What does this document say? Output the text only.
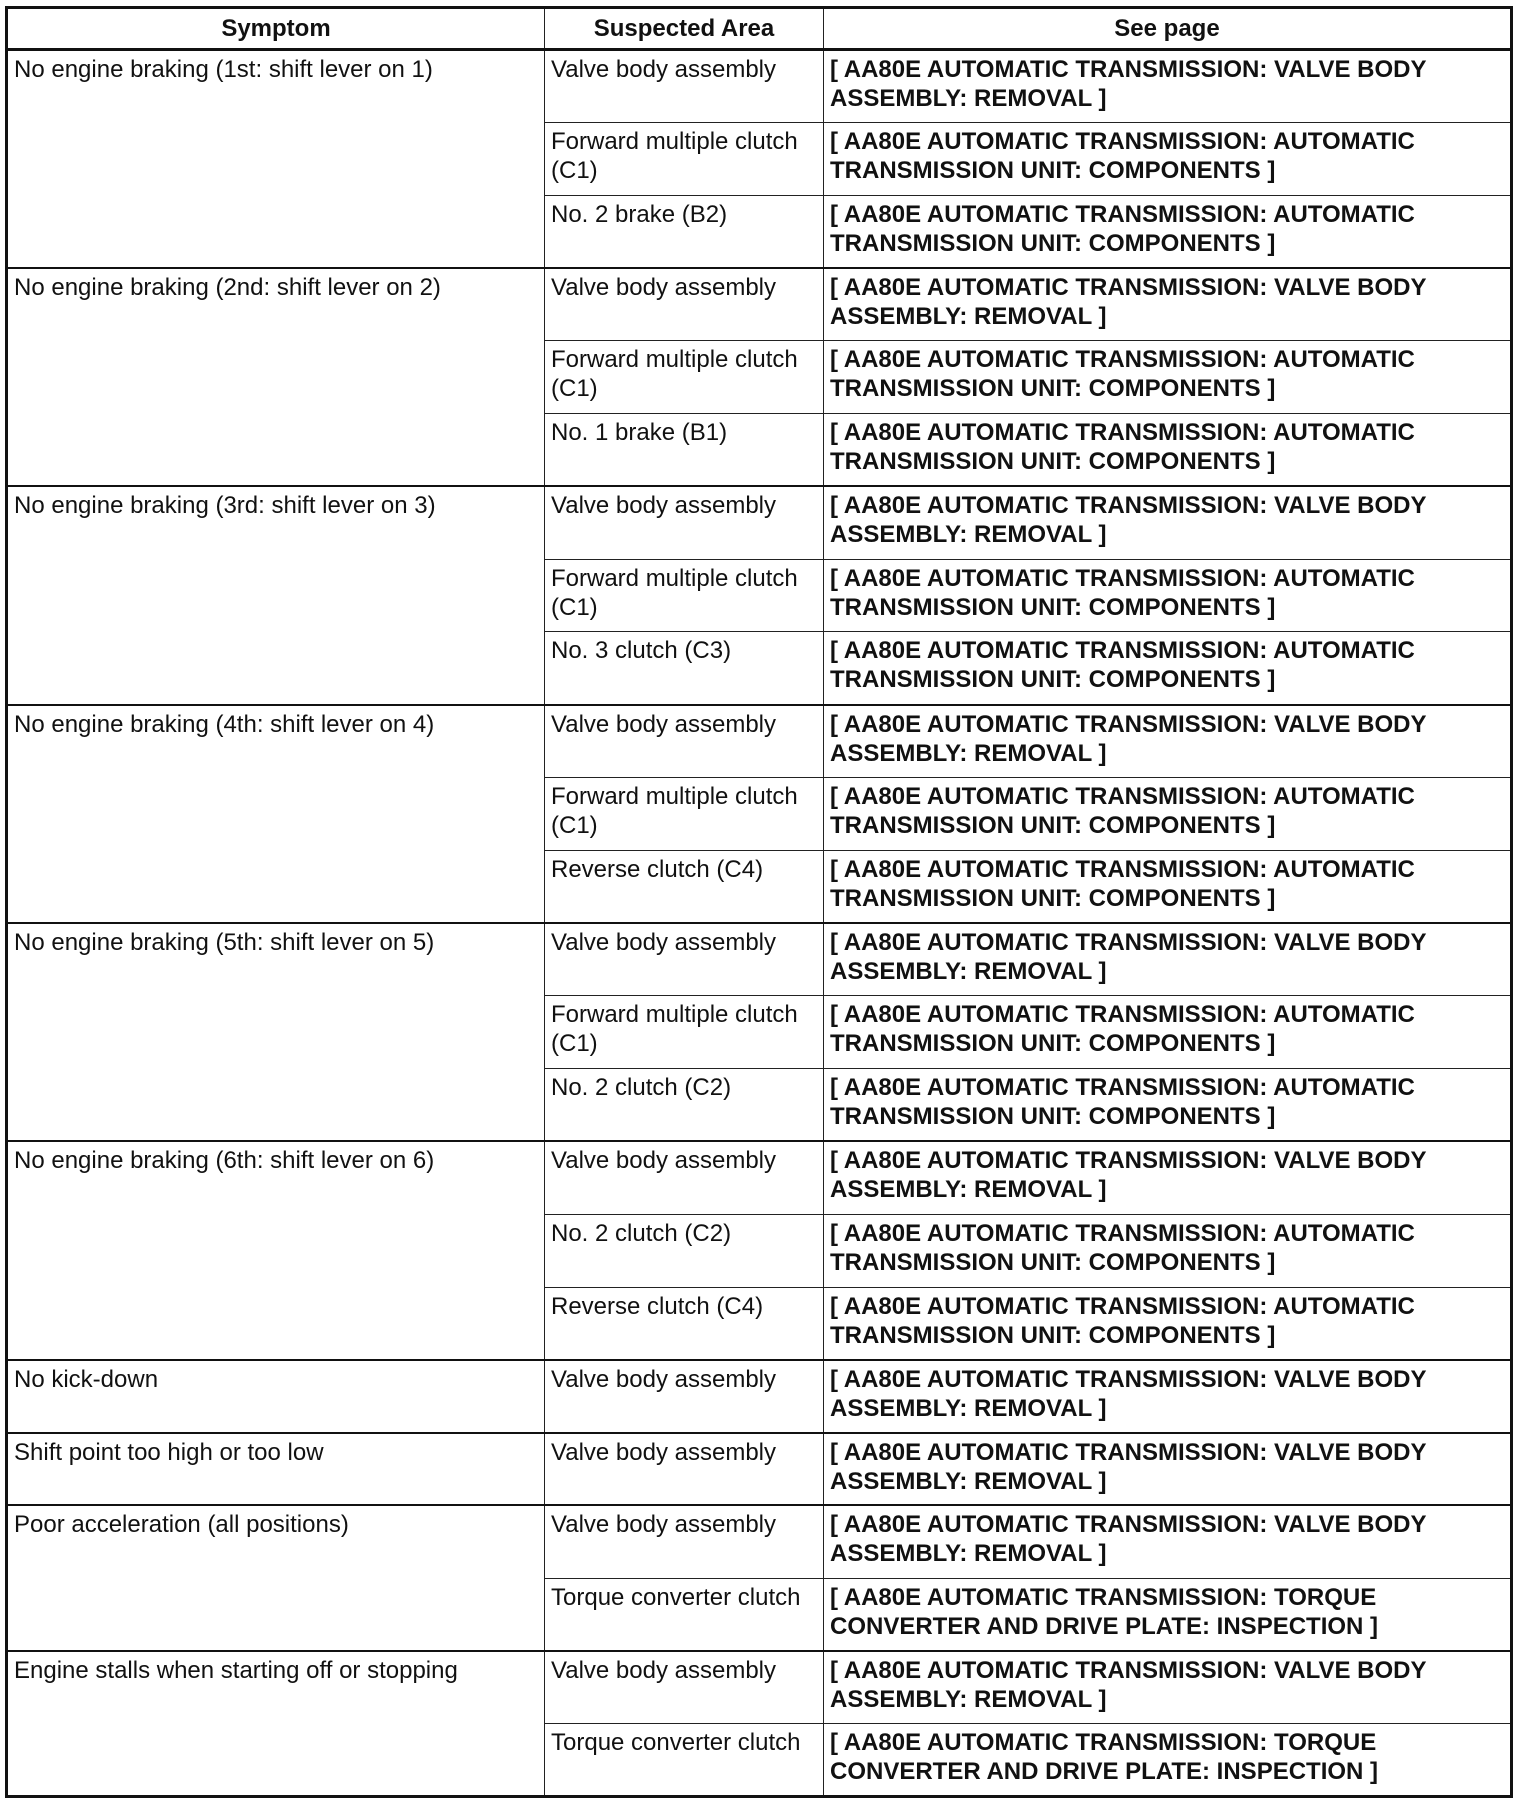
Symptom	Suspected Area	See page
No engine braking (1st: shift lever on 1)	Valve body assembly	[ AA80E AUTOMATIC TRANSMISSION: VALVE BODY ASSEMBLY: REMOVAL ]
	Forward multiple clutch (C1)	[ AA80E AUTOMATIC TRANSMISSION: AUTOMATIC TRANSMISSION UNIT: COMPONENTS ]
	No. 2 brake (B2)	[ AA80E AUTOMATIC TRANSMISSION: AUTOMATIC TRANSMISSION UNIT: COMPONENTS ]
No engine braking (2nd: shift lever on 2)	Valve body assembly	[ AA80E AUTOMATIC TRANSMISSION: VALVE BODY ASSEMBLY: REMOVAL ]
	Forward multiple clutch (C1)	[ AA80E AUTOMATIC TRANSMISSION: AUTOMATIC TRANSMISSION UNIT: COMPONENTS ]
	No. 1 brake (B1)	[ AA80E AUTOMATIC TRANSMISSION: AUTOMATIC TRANSMISSION UNIT: COMPONENTS ]
No engine braking (3rd: shift lever on 3)	Valve body assembly	[ AA80E AUTOMATIC TRANSMISSION: VALVE BODY ASSEMBLY: REMOVAL ]
	Forward multiple clutch (C1)	[ AA80E AUTOMATIC TRANSMISSION: AUTOMATIC TRANSMISSION UNIT: COMPONENTS ]
	No. 3 clutch (C3)	[ AA80E AUTOMATIC TRANSMISSION: AUTOMATIC TRANSMISSION UNIT: COMPONENTS ]
No engine braking (4th: shift lever on 4)	Valve body assembly	[ AA80E AUTOMATIC TRANSMISSION: VALVE BODY ASSEMBLY: REMOVAL ]
	Forward multiple clutch (C1)	[ AA80E AUTOMATIC TRANSMISSION: AUTOMATIC TRANSMISSION UNIT: COMPONENTS ]
	Reverse clutch (C4)	[ AA80E AUTOMATIC TRANSMISSION: AUTOMATIC TRANSMISSION UNIT: COMPONENTS ]
No engine braking (5th: shift lever on 5)	Valve body assembly	[ AA80E AUTOMATIC TRANSMISSION: VALVE BODY ASSEMBLY: REMOVAL ]
	Forward multiple clutch (C1)	[ AA80E AUTOMATIC TRANSMISSION: AUTOMATIC TRANSMISSION UNIT: COMPONENTS ]
	No. 2 clutch (C2)	[ AA80E AUTOMATIC TRANSMISSION: AUTOMATIC TRANSMISSION UNIT: COMPONENTS ]
No engine braking (6th: shift lever on 6)	Valve body assembly	[ AA80E AUTOMATIC TRANSMISSION: VALVE BODY ASSEMBLY: REMOVAL ]
	No. 2 clutch (C2)	[ AA80E AUTOMATIC TRANSMISSION: AUTOMATIC TRANSMISSION UNIT: COMPONENTS ]
	Reverse clutch (C4)	[ AA80E AUTOMATIC TRANSMISSION: AUTOMATIC TRANSMISSION UNIT: COMPONENTS ]
No kick-down	Valve body assembly	[ AA80E AUTOMATIC TRANSMISSION: VALVE BODY ASSEMBLY: REMOVAL ]
Shift point too high or too low	Valve body assembly	[ AA80E AUTOMATIC TRANSMISSION: VALVE BODY ASSEMBLY: REMOVAL ]
Poor acceleration (all positions)	Valve body assembly	[ AA80E AUTOMATIC TRANSMISSION: VALVE BODY ASSEMBLY: REMOVAL ]
	Torque converter clutch	[ AA80E AUTOMATIC TRANSMISSION: TORQUE CONVERTER AND DRIVE PLATE: INSPECTION ]
Engine stalls when starting off or stopping	Valve body assembly	[ AA80E AUTOMATIC TRANSMISSION: VALVE BODY ASSEMBLY: REMOVAL ]
	Torque converter clutch	[ AA80E AUTOMATIC TRANSMISSION: TORQUE CONVERTER AND DRIVE PLATE: INSPECTION ]
